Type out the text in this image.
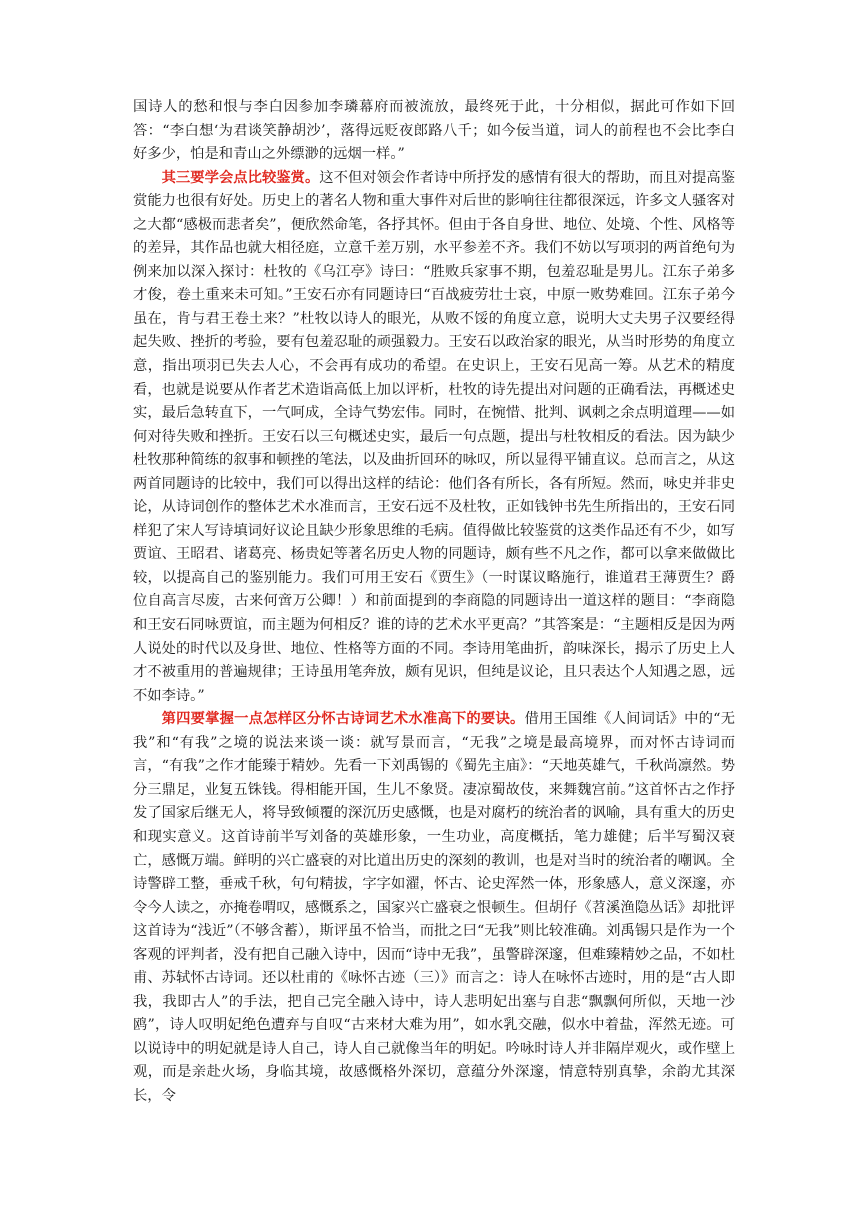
国诗人的愁和恨与李白因参加李璘幕府而被流放，最终死于此，十分相似，据此可作如下回答：“李白想‘为君谈笑静胡沙’，落得远贬夜郎路八千；如今佞当道，词人的前程也不会比李白好多少，怕是和青山之外缥渺的远烟一样。”

其三要学会点比较鉴赏。这不但对领会作者诗中所抒发的感情有很大的帮助，而且对提高鉴赏能力也很有好处。历史上的著名人物和重大事件对后世的影响往往都很深远，许多文人骚客对之大都“感极而悲者矣”，便欣然命笔，各抒其怀。但由于各自身世、地位、处境、个性、风格等的差异，其作品也就大相径庭，立意千差万别，水平参差不齐。我们不妨以写项羽的两首绝句为例来加以深入探讨：杜牧的《乌江亭》诗曰：“胜败兵家事不期，包羞忍耻是男儿。江东子弟多才俊，卷土重来未可知。”王安石亦有同题诗曰“百战疲劳壮士哀，中原一败势难回。江东子弟今虽在，肯与君王卷土来？”杜牧以诗人的眼光，从败不馁的角度立意，说明大丈夫男子汉要经得起失败、挫折的考验，要有包羞忍耻的顽强毅力。王安石以政治家的眼光，从当时形势的角度立意，指出项羽已失去人心，不会再有成功的希望。在史识上，王安石见高一筹。从艺术的精度看，也就是说要从作者艺术造诣高低上加以评析，杜牧的诗先提出对问题的正确看法，再概述史实，最后急转直下，一气呵成，全诗气势宏伟。同时，在惋惜、批判、讽刺之余点明道理——如何对待失败和挫折。王安石以三句概述史实，最后一句点题，提出与杜牧相反的看法。因为缺少杜牧那种简练的叙事和顿挫的笔法，以及曲折回环的咏叹，所以显得平铺直议。总而言之，从这两首同题诗的比较中，我们可以得出这样的结论：他们各有所长，各有所短。然而，咏史并非史论，从诗词创作的整体艺术水准而言，王安石远不及杜牧，正如钱钟书先生所指出的，王安石同样犯了宋人写诗填词好议论且缺少形象思维的毛病。值得做比较鉴赏的这类作品还有不少，如写贾谊、王昭君、诸葛亮、杨贵妃等著名历史人物的同题诗，颇有些不凡之作，都可以拿来做做比较，以提高自己的鉴别能力。我们可用王安石《贾生》（一时谋议略施行，谁道君王薄贾生？爵位自高言尽废，古来何啻万公卿！）和前面提到的李商隐的同题诗出一道这样的题目：“李商隐和王安石同咏贾谊，而主题为何相反？谁的诗的艺术水平更高？”其答案是：“主题相反是因为两人说处的时代以及身世、地位、性格等方面的不同。李诗用笔曲折，韵味深长，揭示了历史上人才不被重用的普遍规律；王诗虽用笔奔放，颇有见识，但纯是议论，且只表达个人知遇之恩，远不如李诗。”

第四要掌握一点怎样区分怀古诗词艺术水准高下的要诀。借用王国维《人间词话》中的“无我”和“有我”之境的说法来谈一谈：就写景而言，“无我”之境是最高境界，而对怀古诗词而言，“有我”之作才能臻于精妙。先看一下刘禹锡的《蜀先主庙》：“天地英雄气，千秋尚凛然。势分三鼎足，业复五铢钱。得相能开国，生儿不象贤。凄凉蜀故伎，来舞魏宫前。”这首怀古之作抒发了国家后继无人，将导致倾覆的深沉历史感慨，也是对腐朽的统治者的讽喻，具有重大的历史和现实意义。这首诗前半写刘备的英雄形象，一生功业，高度概括，笔力雄健；后半写蜀汉衰亡，感慨万端。鲜明的兴亡盛衰的对比道出历史的深刻的教训，也是对当时的统治者的嘲讽。全诗警辟工整，垂戒千秋，句句精拔，字字如濯，怀古、论史浑然一体，形象感人，意义深邃，亦令今人读之，亦掩卷喟叹，感慨系之，国家兴亡盛衰之恨顿生。但胡仔《苕溪渔隐丛话》却批评这首诗为“浅近”（不够含蓄），斯评虽不恰当，而批之曰“无我”则比较准确。刘禹锡只是作为一个客观的评判者，没有把自己融入诗中，因而“诗中无我”，虽警辟深邃，但难臻精妙之品，不如杜甫、苏轼怀古诗词。还以杜甫的《咏怀古迹（三）》而言之：诗人在咏怀古迹时，用的是“古人即我，我即古人”的手法，把自己完全融入诗中，诗人悲明妃出塞与自悲“飘飘何所似，天地一沙鸥”，诗人叹明妃绝色遭弃与自叹“古来材大难为用”，如水乳交融，似水中着盐，浑然无迹。可以说诗中的明妃就是诗人自己，诗人自己就像当年的明妃。吟咏时诗人并非隔岸观火，或作壁上观，而是亲赴火场，身临其境，故感慨格外深切，意蕴分外深邃，情意特别真挚，余韵尤其深长，令
